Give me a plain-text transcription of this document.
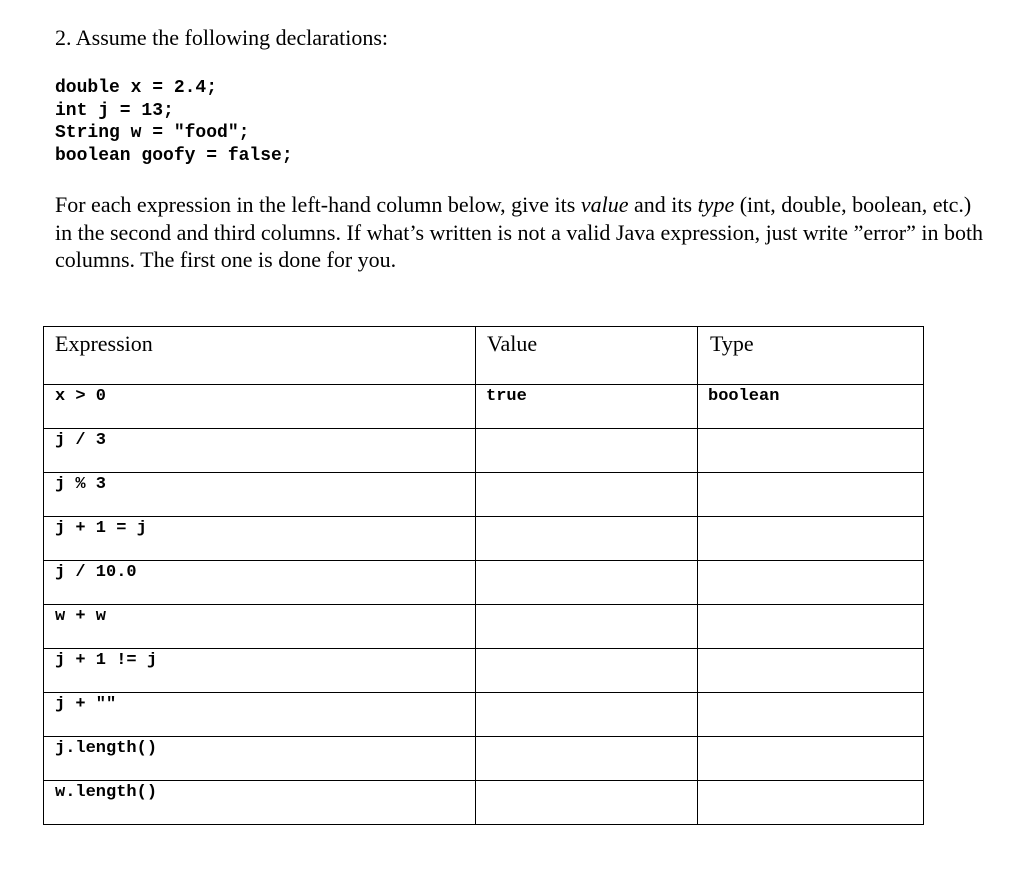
2. Assume the following declarations:
double x = 2.4;
int j = 13;
String w = "food";
boolean goofy = false;

For each expression in the left-hand column below, give its value and its type (int, double, boolean, etc.) in the second and third columns. If what’s written is not a valid Java expression, just write ”error” in both columns. The first one is done for you.

Expression	Value	Type
x > 0	true	boolean
j / 3		
j % 3		
j + 1 = j		
j / 10.0		
w + w		
j + 1 != j		
j + ""		
j.length()		
w.length()		
